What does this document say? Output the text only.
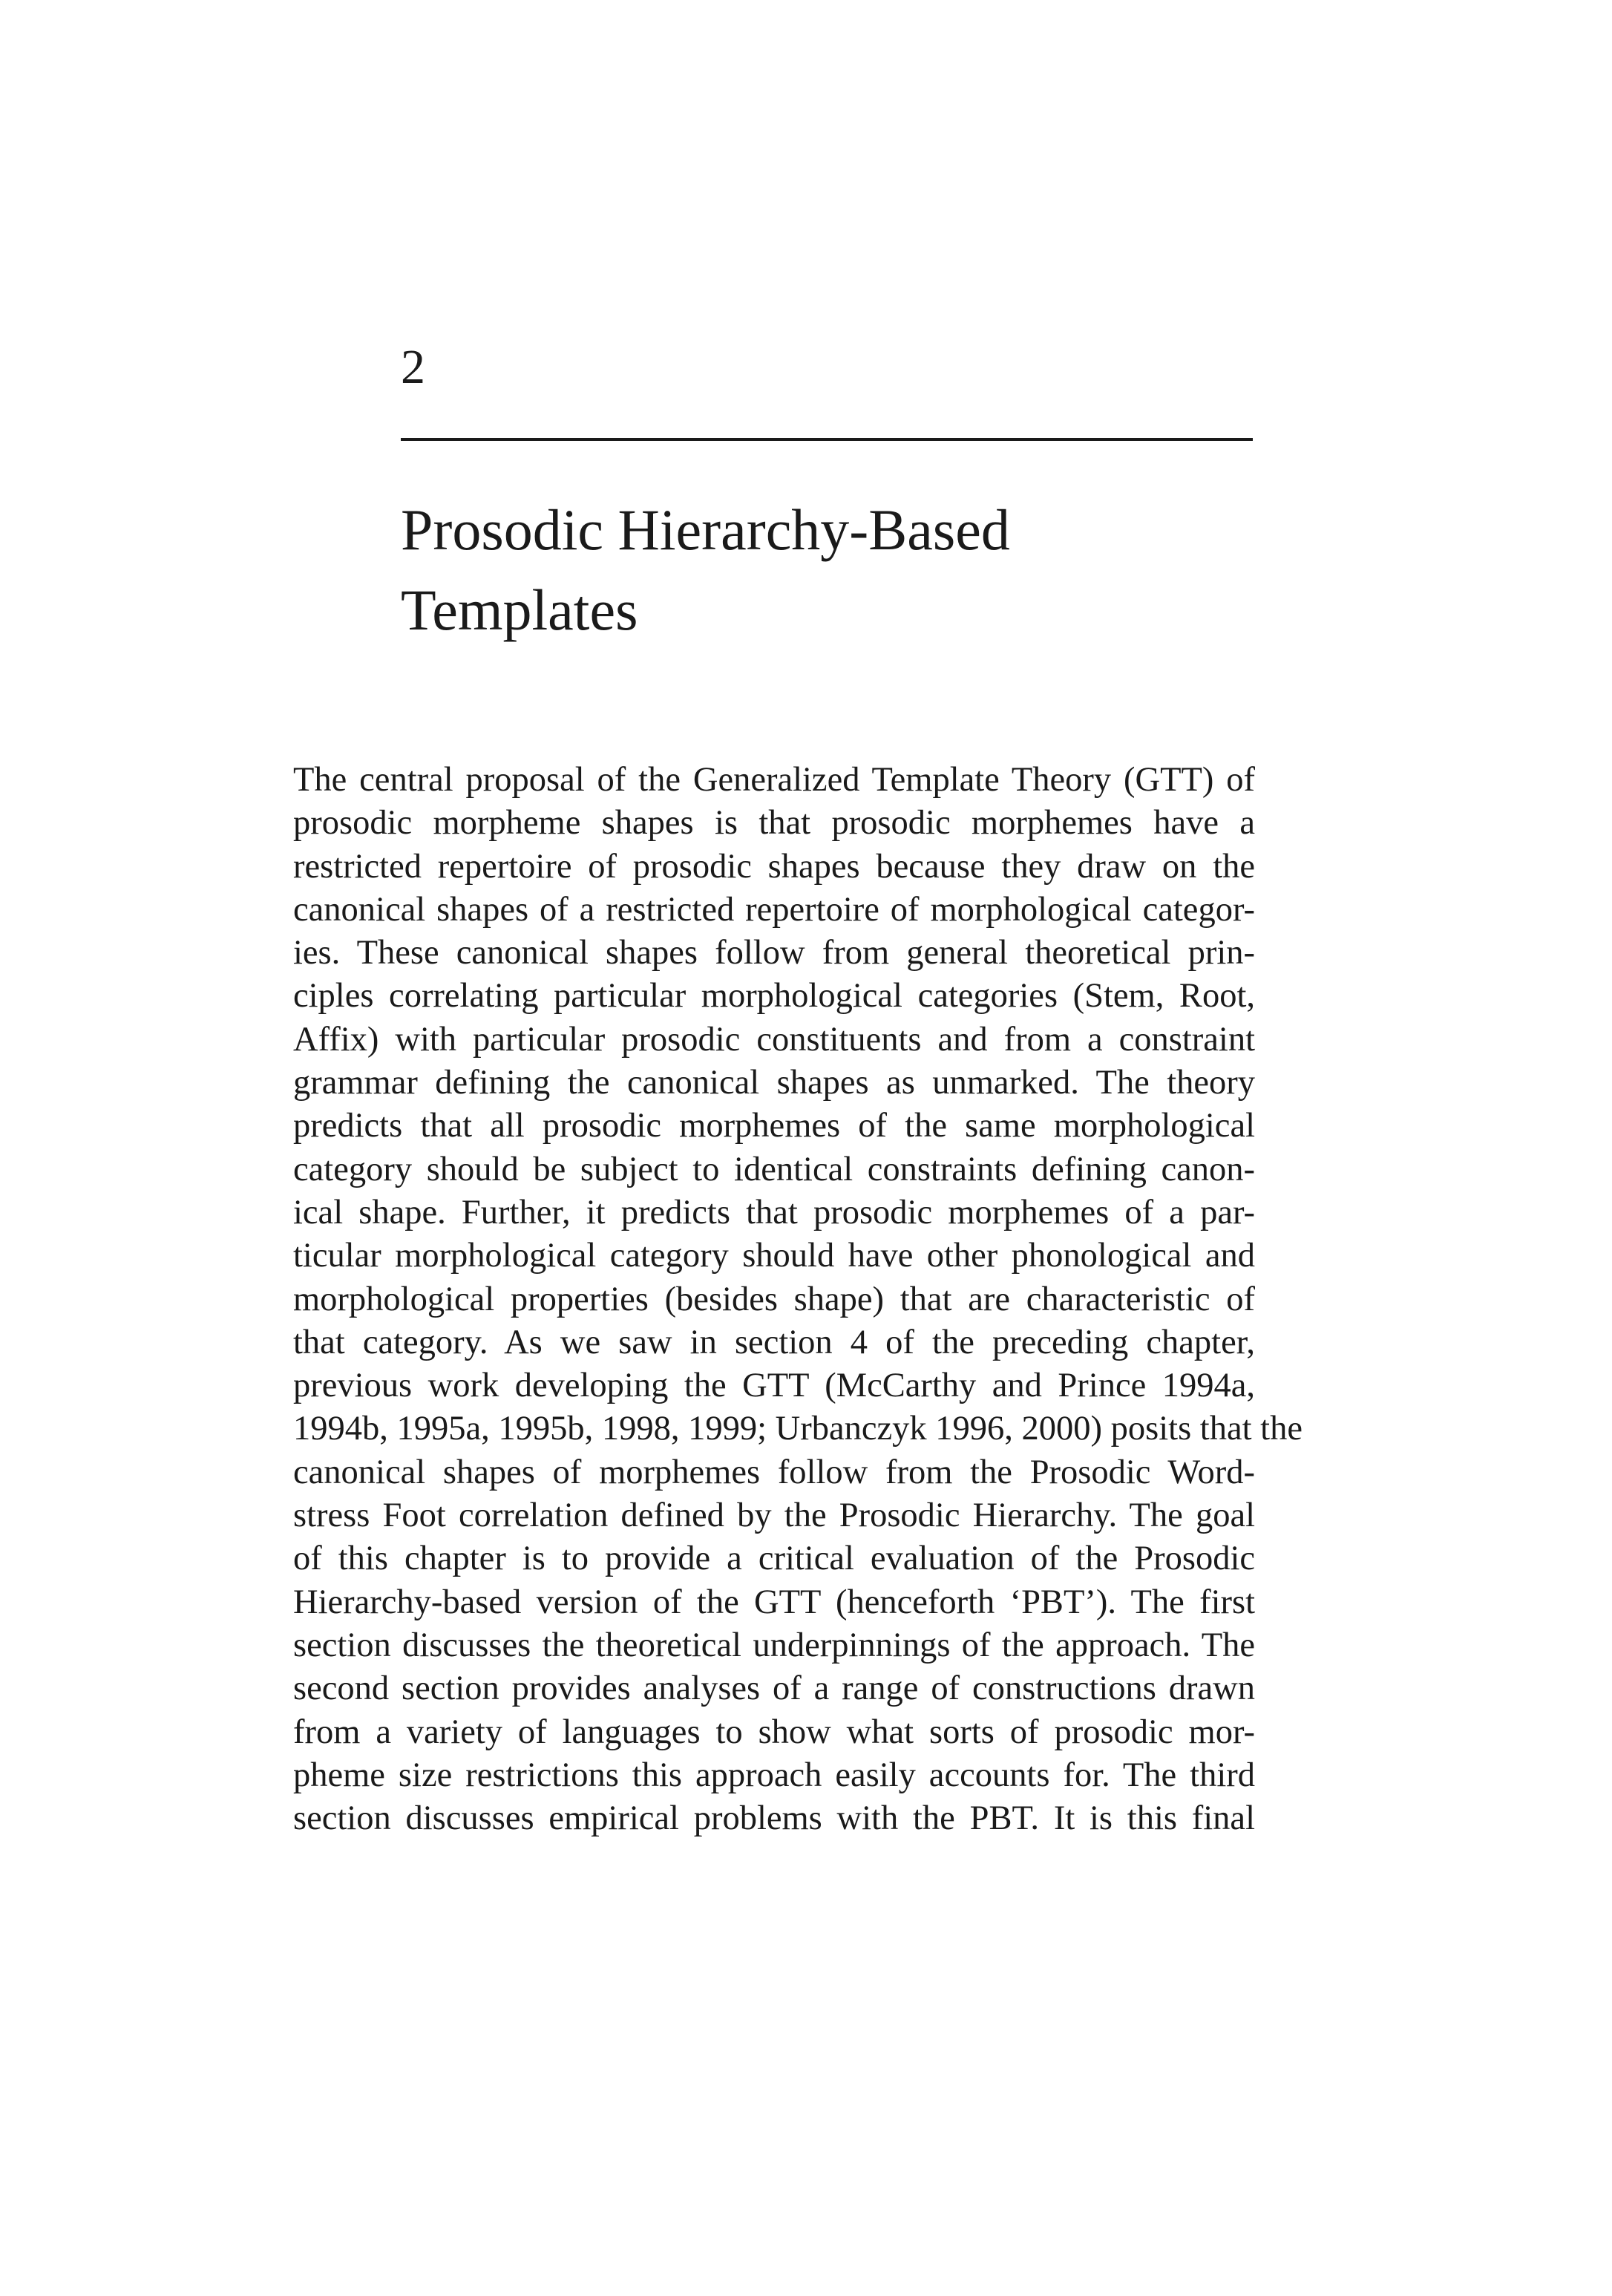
2
Prosodic Hierarchy-Based
Templates
The central proposal of the Generalized Template Theory (GTT) of
prosodic morpheme shapes is that prosodic morphemes have a
restricted repertoire of prosodic shapes because they draw on the
canonical shapes of a restricted repertoire of morphological categor-
ies. These canonical shapes follow from general theoretical prin-
ciples correlating particular morphological categories (Stem, Root,
Affix) with particular prosodic constituents and from a constraint
grammar defining the canonical shapes as unmarked. The theory
predicts that all prosodic morphemes of the same morphological
category should be subject to identical constraints defining canon-
ical shape. Further, it predicts that prosodic morphemes of a par-
ticular morphological category should have other phonological and
morphological properties (besides shape) that are characteristic of
that category. As we saw in section 4 of the preceding chapter,
previous work developing the GTT (McCarthy and Prince 1994a,
1994b, 1995a, 1995b, 1998, 1999; Urbanczyk 1996, 2000) posits that the
canonical shapes of morphemes follow from the Prosodic Word-
stress Foot correlation defined by the Prosodic Hierarchy. The goal
of this chapter is to provide a critical evaluation of the Prosodic
Hierarchy-based version of the GTT (henceforth ‘PBT’). The first
section discusses the theoretical underpinnings of the approach. The
second section provides analyses of a range of constructions drawn
from a variety of languages to show what sorts of prosodic mor-
pheme size restrictions this approach easily accounts for. The third
section discusses empirical problems with the PBT. It is this final
